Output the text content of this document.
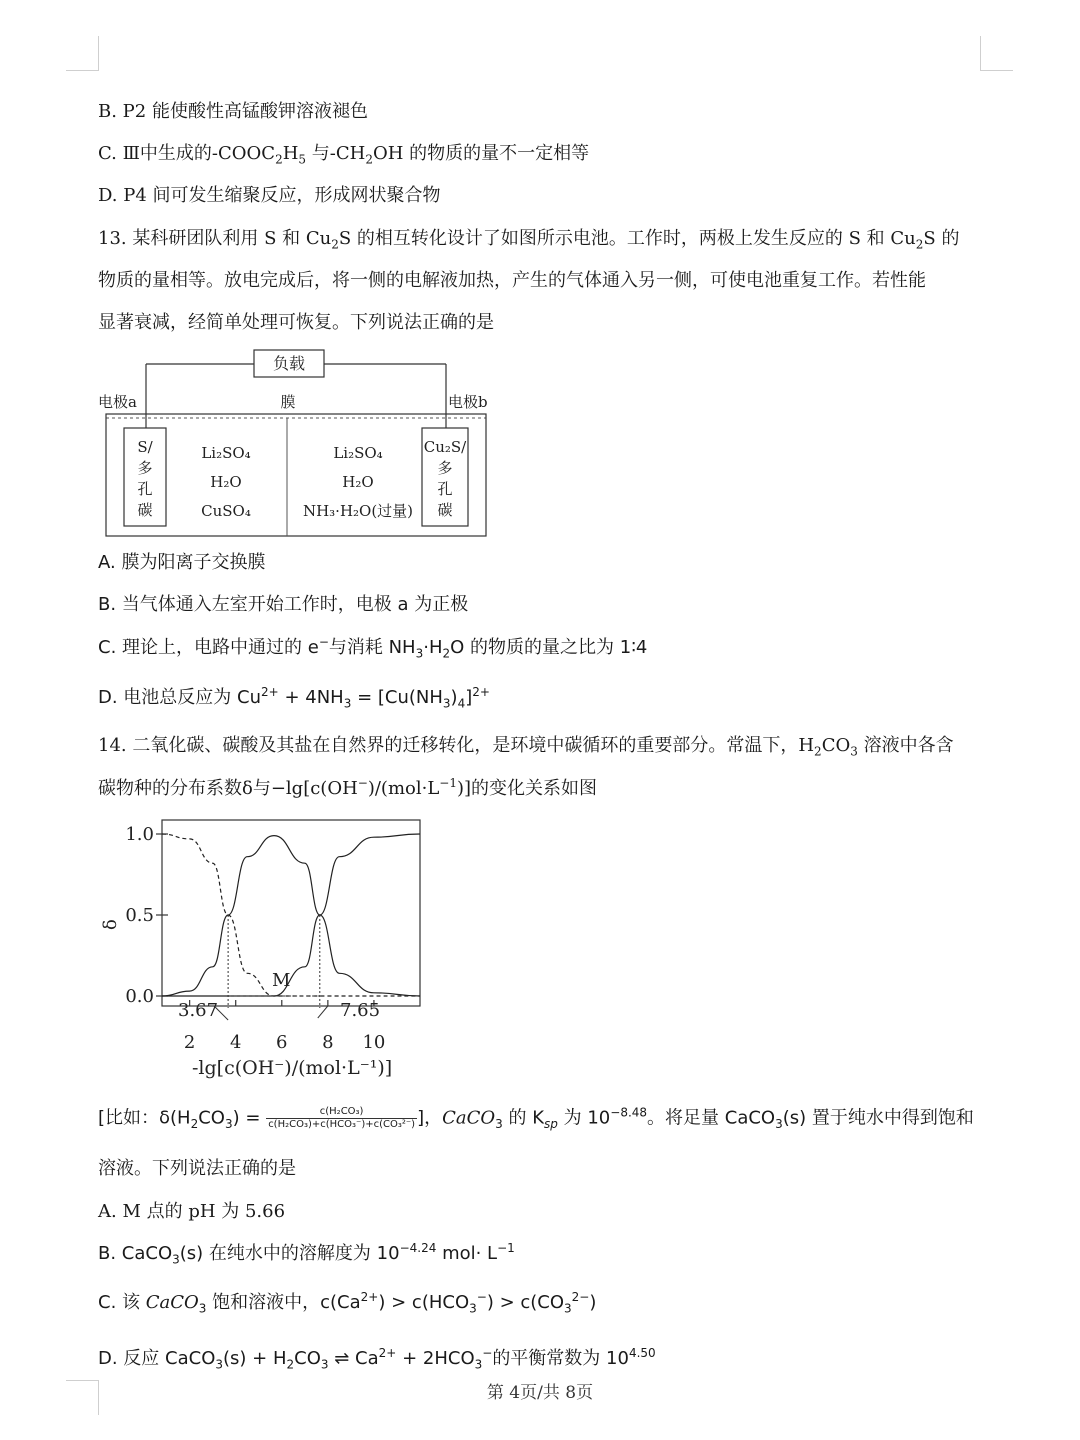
B. P2 能使酸性高锰酸钾溶液褪色
C. Ⅲ中生成的$-COOC_2H_5$ 与$-CH_2OH$ 的物质的量不一定相等
D. P4 间可发生缩聚反应，形成网状聚合物
13. 某科研团队利用 S 和 $Cu_2S$ 的相互转化设计了如图所示电池。工作时，两极上发生反应的 S 和 $Cu_2S$ 的
物质的量相等。放电完成后，将一侧的电解液加热，产生的气体通入另一侧，可使电池重复工作。若性能
显著衰减，经简单处理可恢复。下列说法正确的是
负载
电极a	膜	电极b
S/
多
孔
碳
Li₂SO₄
H₂O
CuSO₄
Li₂SO₄
H₂O
NH₃·H₂O(过量)
Cu₂S/
多
孔
碳
A. 膜为阳离子交换膜
B. 当气体通入左室开始工作时，电极 a 为正极
C. 理论上，电路中通过的 e−与消耗 $NH_3\cdot H_2O$ 的物质的量之比为 1∶4
D. 电池总反应为 $Cu^{2+} + 4NH_3 = [Cu(NH_3)_4]^{2+}$
14. 二氧化碳、碳酸及其盐在自然界的迁移转化，是环境中碳循环的重要部分。常温下，$H_2CO_3$ 溶液中各含
碳物种的分布系数δ与$-\lg[c(OH^-)/(mol\cdot L^{-1})]$的变化关系如图
0.0
0.5
1.0
2 4 6 8 10
δ
-lg[c(OH⁻)/(mol·L⁻¹)]
M
3.67	7.65
[比如：$\delta(H_2CO_3) = \frac{\text{c(H₂CO₃)}}{\text{c(H₂CO₃)+c(HCO₃⁻)+c(CO₃²⁻)}}$ ]，CaCO$_3$ 的 $K_{sp}$ 为 $10^{-8.48}$。将足量 CaCO$_3$(s) 置于纯水中得到饱和
溶液。下列说法正确的是
A. M 点的 pH 为 5.66
B. CaCO$_3$(s) 在纯水中的溶解度为 $10^{-4.24}$ $mol\cdot L^{-1}$
C. 该 CaCO$_3$ 饱和溶液中，$c(Ca^{2+}) > c(HCO_3^-) > c(CO_3^{2-})$
D. 反应 CaCO$_3$(s) + $H_2CO_3$ ⇌ $Ca^{2+} + 2HCO_3^-$的平衡常数为 $10^{4.50}$
第 4页/共 8页
